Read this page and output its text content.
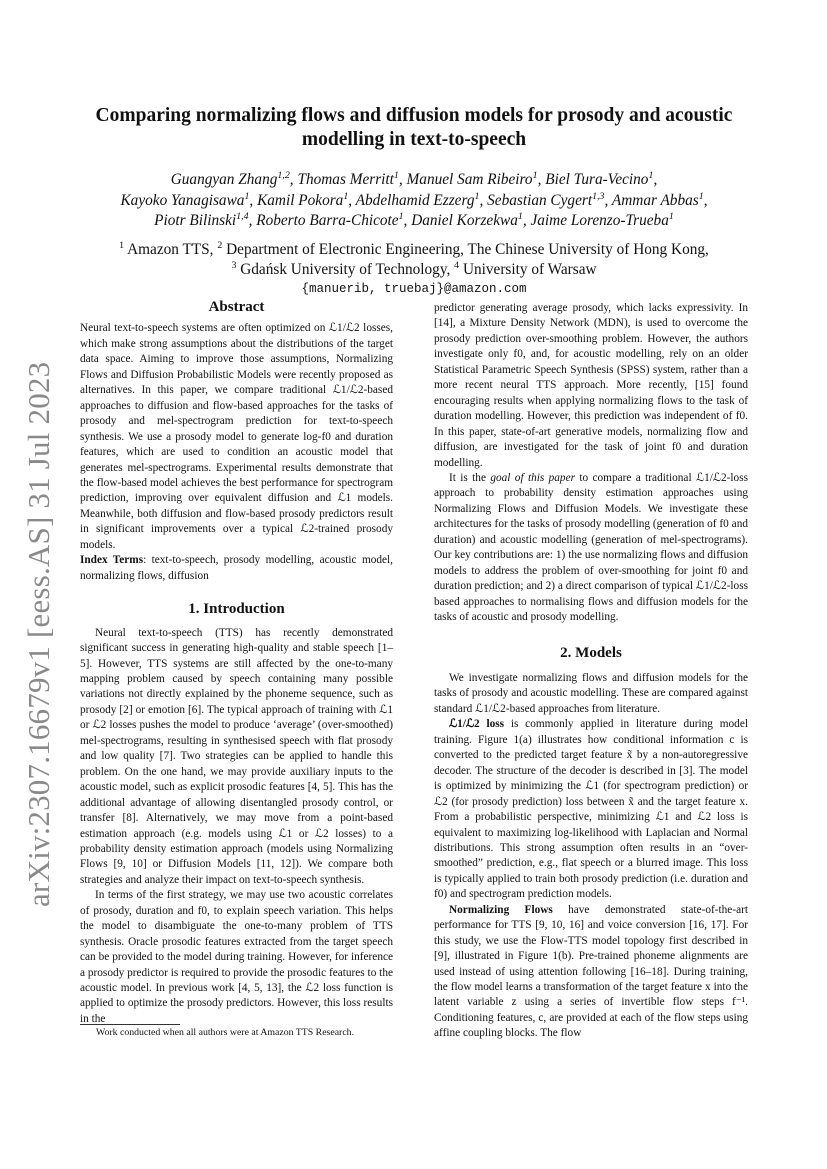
arXiv:2307.16679v1 [eess.AS] 31 Jul 2023
Comparing normalizing flows and diffusion models for prosody and acoustic
modelling in text-to-speech
Guangyan Zhang$^{1,2}$, Thomas Merritt$^1$, Manuel Sam Ribeiro$^1$, Biel Tura-Vecino$^1$,
Kayoko Yanagisawa$^1$, Kamil Pokora$^1$, Abdelhamid Ezzerg$^1$, Sebastian Cygert$^{1,3}$, Ammar Abbas$^1$,
Piotr Bilinski$^{1,4}$, Roberto Barra-Chicote$^1$, Daniel Korzekwa$^1$, Jaime Lorenzo-Trueba$^1$
$^1$ Amazon TTS, $^2$ Department of Electronic Engineering, The Chinese University of Hong Kong,
$^3$ Gdańsk University of Technology, $^4$ University of Warsaw
{manuerib, truebaj}@amazon.com
Abstract

Neural text-to-speech systems are often optimized on ℒ1/ℒ2 losses, which make strong assumptions about the distributions of the target data space. Aiming to improve those assumptions, Normalizing Flows and Diffusion Probabilistic Models were recently proposed as alternatives. In this paper, we compare traditional ℒ1/ℒ2-based approaches to diffusion and flow-based approaches for the tasks of prosody and mel-spectrogram prediction for text-to-speech synthesis. We use a prosody model to generate log-f0 and duration features, which are used to condition an acoustic model that generates mel-spectrograms. Experimental results demonstrate that the flow-based model achieves the best performance for spectrogram prediction, improving over equivalent diffusion and ℒ1 models. Meanwhile, both diffusion and flow-based prosody predictors result in significant improvements over a typical ℒ2-trained prosody models.

Index Terms: text-to-speech, prosody modelling, acoustic model, normalizing flows, diffusion

1. Introduction

Neural text-to-speech (TTS) has recently demonstrated significant success in generating high-quality and stable speech [1–5]. However, TTS systems are still affected by the one-to-many mapping problem caused by speech containing many possible variations not directly explained by the phoneme sequence, such as prosody [2] or emotion [6]. The typical approach of training with ℒ1 or ℒ2 losses pushes the model to produce ‘average’ (over-smoothed) mel-spectrograms, resulting in synthesised speech with flat prosody and low quality [7]. Two strategies can be applied to handle this problem. On the one hand, we may provide auxiliary inputs to the acoustic model, such as explicit prosodic features [4, 5]. This has the additional advantage of allowing disentangled prosody control, or transfer [8]. Alternatively, we may move from a point-based estimation approach (e.g. models using ℒ1 or ℒ2 losses) to a probability density estimation approach (models using Normalizing Flows [9, 10] or Diffusion Models [11, 12]). We compare both strategies and analyze their impact on text-to-speech synthesis.

In terms of the first strategy, we may use two acoustic correlates of prosody, duration and f0, to explain speech variation. This helps the model to disambiguate the one-to-many problem of TTS synthesis. Oracle prosodic features extracted from the target speech can be provided to the model during training. However, for inference a prosody predictor is required to provide the prosodic features to the acoustic model. In previous work [4, 5, 13], the ℒ2 loss function is applied to optimize the prosody predictors. However, this loss results in the

Work conducted when all authors were at Amazon TTS Research.

predictor generating average prosody, which lacks expressivity. In [14], a Mixture Density Network (MDN), is used to overcome the prosody prediction over-smoothing problem. However, the authors investigate only f0, and, for acoustic modelling, rely on an older Statistical Parametric Speech Synthesis (SPSS) system, rather than a more recent neural TTS approach. More recently, [15] found encouraging results when applying normalizing flows to the task of duration modelling. However, this prediction was independent of f0. In this paper, state-of-art generative models, normalizing flow and diffusion, are investigated for the task of joint f0 and duration modelling.

It is the goal of this paper to compare a traditional ℒ1/ℒ2-loss approach to probability density estimation approaches using Normalizing Flows and Diffusion Models. We investigate these architectures for the tasks of prosody modelling (generation of f0 and duration) and acoustic modelling (generation of mel-spectrograms). Our key contributions are: 1) the use normalizing flows and diffusion models to address the problem of over-smoothing for joint f0 and duration prediction; and 2) a direct comparison of typical ℒ1/ℒ2-loss based approaches to normalising flows and diffusion models for the tasks of acoustic and prosody modelling.

2. Models

We investigate normalizing flows and diffusion models for the tasks of prosody and acoustic modelling. These are compared against standard ℒ1/ℒ2-based approaches from literature.

ℒ1/ℒ2 loss is commonly applied in literature during model training. Figure 1(a) illustrates how conditional information c is converted to the predicted target feature x̃ by a non-autoregressive decoder. The structure of the decoder is described in [3]. The model is optimized by minimizing the ℒ1 (for spectrogram prediction) or ℒ2 (for prosody prediction) loss between x̃ and the target feature x. From a probabilistic perspective, minimizing ℒ1 and ℒ2 loss is equivalent to maximizing log-likelihood with Laplacian and Normal distributions. This strong assumption often results in an “over-smoothed” prediction, e.g., flat speech or a blurred image. This loss is typically applied to train both prosody prediction (i.e. duration and f0) and spectrogram prediction models.

Normalizing Flows have demonstrated state-of-the-art performance for TTS [9, 10, 16] and voice conversion [16, 17]. For this study, we use the Flow-TTS model topology first described in [9], illustrated in Figure 1(b). Pre-trained phoneme alignments are used instead of using attention following [16–18]. During training, the flow model learns a transformation of the target feature x into the latent variable z using a series of invertible flow steps f⁻¹. Conditioning features, c, are provided at each of the flow steps using affine coupling blocks. The flow
